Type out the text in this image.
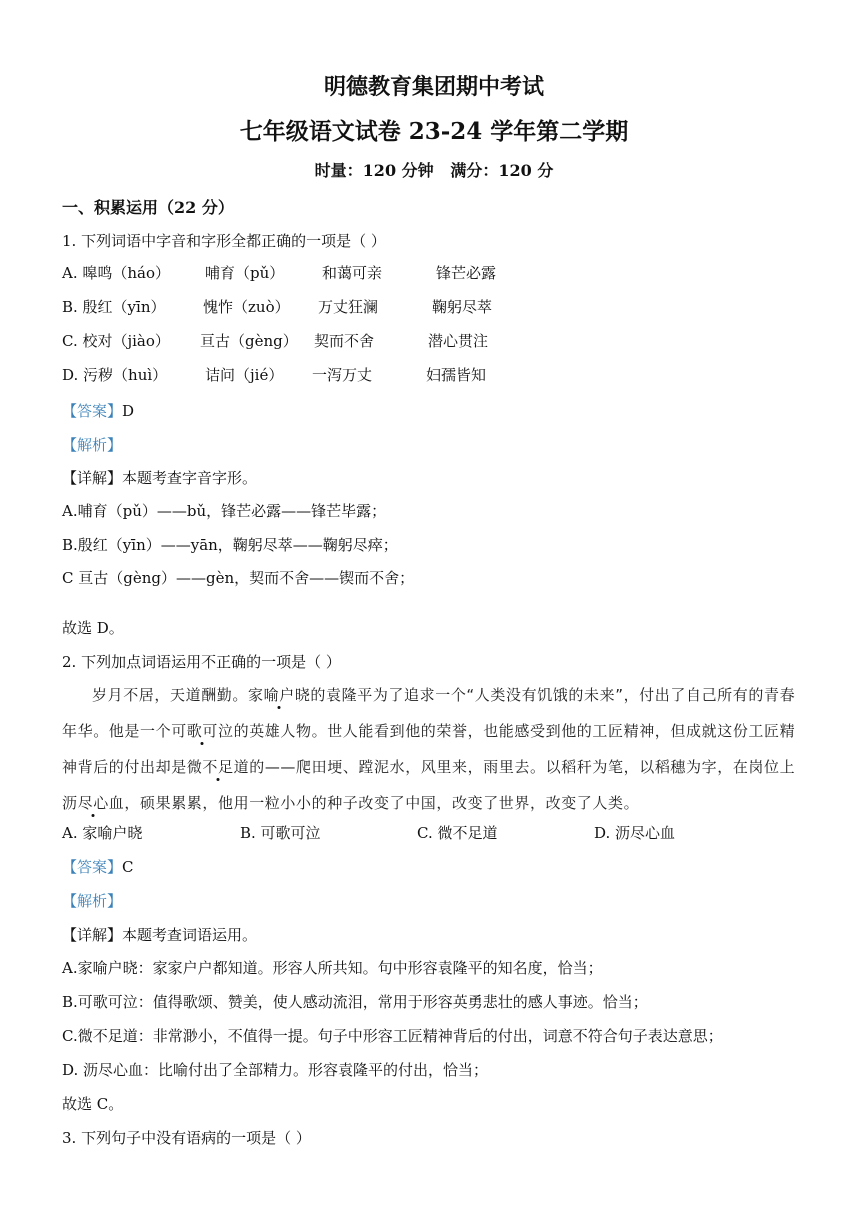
明德教育集团期中考试
七年级语文试卷 23-24 学年第二学期
时量：120 分钟   满分：120 分
一、积累运用（22 分）
1. 下列词语中字音和字形全都正确的一项是（ ）
A. 嗥鸣（háo） 哺育（pǔ）	和蔼可亲	锋芒必露
B. 殷红（yīn）	愧怍（zuò） 万丈狂澜	鞠躬尽萃
C. 校对（jiào） 亘古（gèng） 契而不舍	潜心贯注
D. 污秽（huì）	诘问（jié） 一泻万丈	妇孺皆知
【答案】D
【解析】
【详解】本题考查字音字形。
A.哺育（pǔ）——bǔ，锋芒必露——锋芒毕露；
B.殷红（yīn）——yān，鞠躬尽萃——鞠躬尽瘁；
C 亘古（gèng）——gèn，契而不舍——锲而不舍；
故选 D。
2. 下列加点词语运用不正确的一项是（ ）
岁月不居，天道酬勤。家喻户晓的袁隆平为了追求一个“人类没有饥饿的未来”，付出了自己所有的青春年华。他是一个可歌可泣的英雄人物。世人能看到他的荣誉，也能感受到他的工匠精神，但成就这份工匠精神背后的付出却是微不足道的——爬田埂、蹚泥水，风里来，雨里去。以稻秆为笔，以稻穗为字，在岗位上沥尽心血，硕果累累，他用一粒小小的种子改变了中国，改变了世界，改变了人类。
A. 家喻户晓	B. 可歌可泣	C. 微不足道	D. 沥尽心血
【答案】C
【解析】
【详解】本题考查词语运用。
A.家喻户晓：家家户户都知道。形容人所共知。句中形容袁隆平的知名度，恰当；
B.可歌可泣：值得歌颂、赞美，使人感动流泪，常用于形容英勇悲壮的感人事迹。恰当；
C.微不足道：非常渺小，不值得一提。句子中形容工匠精神背后的付出，词意不符合句子表达意思；
D. 沥尽心血：比喻付出了全部精力。形容袁隆平的付出，恰当；
故选 C。
3. 下列句子中没有语病的一项是（ ）
